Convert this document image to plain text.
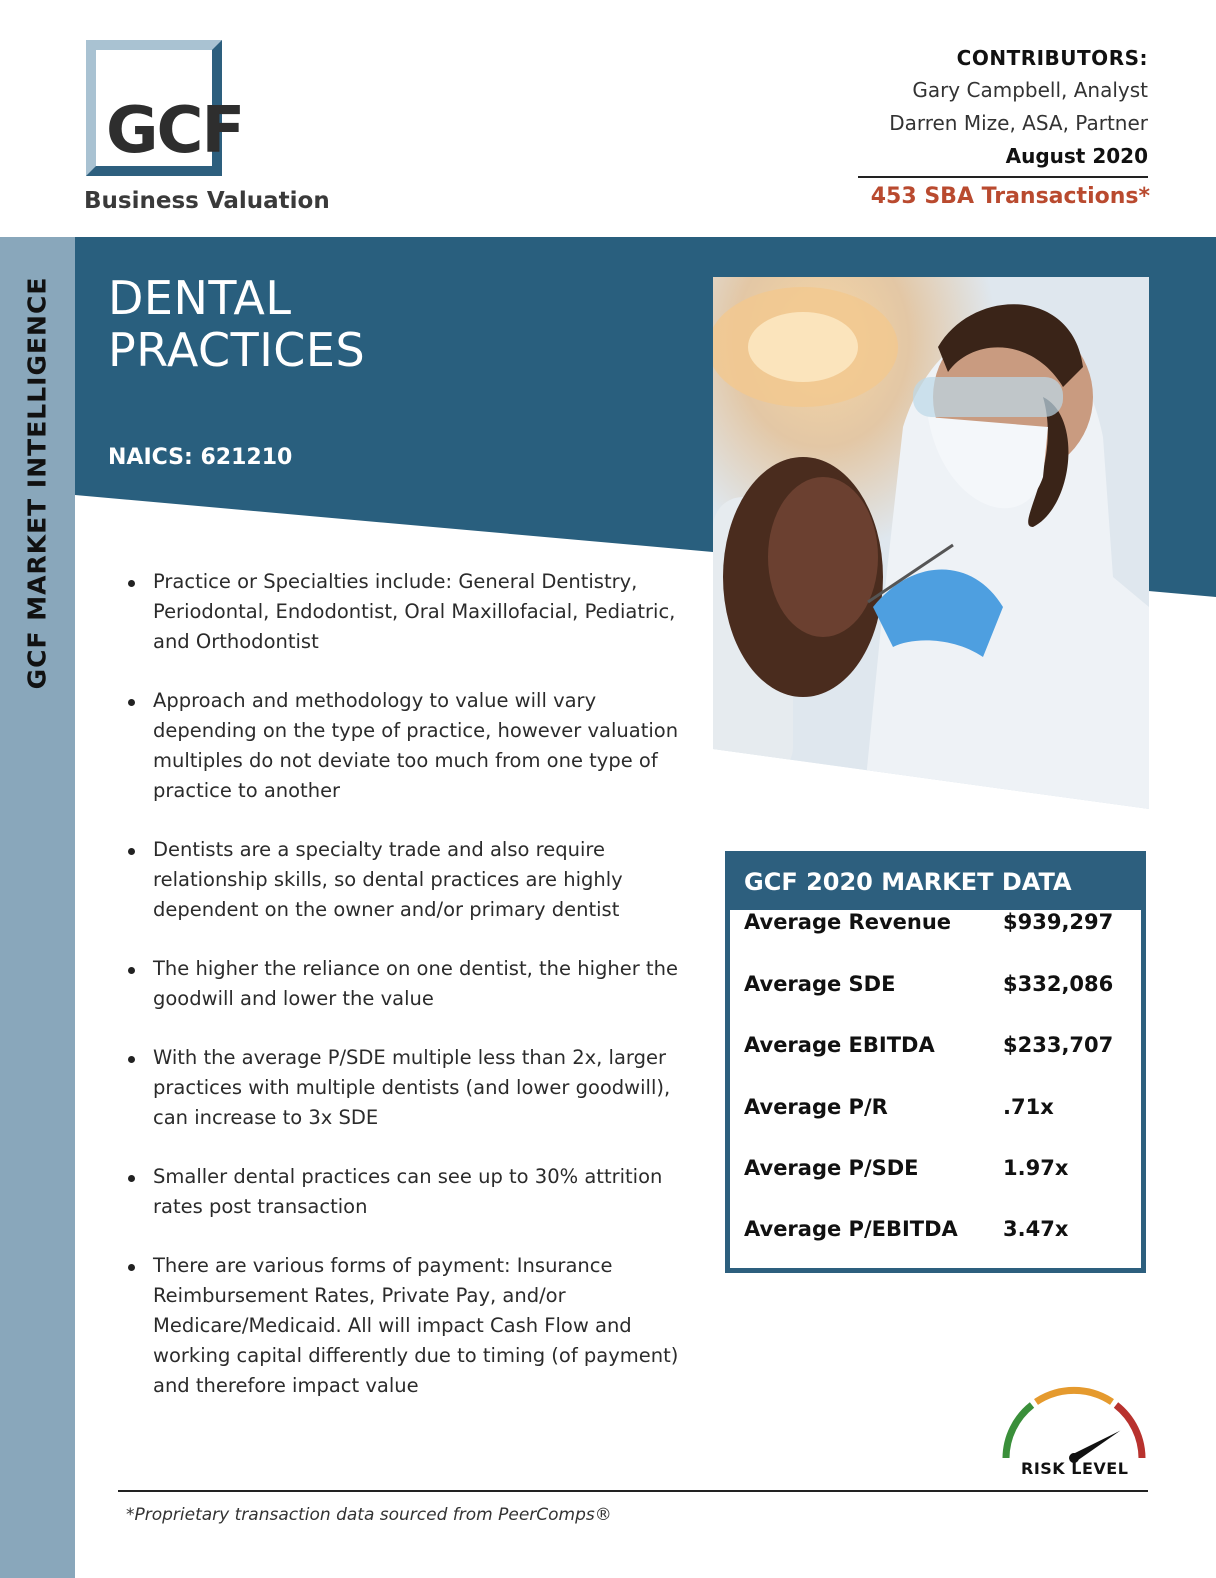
GCF
Business Valuation
CONTRIBUTORS:
Gary Campbell, Analyst
Darren Mize, ASA, Partner
August 2020
453 SBA Transactions*
GCF MARKET INTELLIGENCE DENTAL
PRACTICES
NAICS: 621210
Practice or Specialties include: General Dentistry, Periodontal, Endodontist, Oral Maxillofacial, Pediatric, and Orthodontist
Approach and methodology to value will vary depending on the type of practice, however valuation multiples do not deviate too much from one type of practice to another
Dentists are a specialty trade and also require relationship skills, so dental practices are highly dependent on the owner and/or primary dentist
The higher the reliance on one dentist, the higher the goodwill and lower the value
With the average P/SDE multiple less than 2x, larger practices with multiple dentists (and lower goodwill), can increase to 3x SDE
Smaller dental practices can see up to 30% attrition rates post transaction
There are various forms of payment: Insurance Reimbursement Rates, Private Pay, and/or Medicare/Medicaid. All will impact Cash Flow and working capital differently due to timing (of payment) and therefore impact value
GCF 2020 MARKET DATA
Average Revenue $939,297
Average SDE	$332,086
Average EBITDA	$233,707
Average P/R	.71x
Average P/SDE	1.97x
Average P/EBITDA 3.47x
RISK LEVEL
*Proprietary transaction data sourced from PeerComps®
